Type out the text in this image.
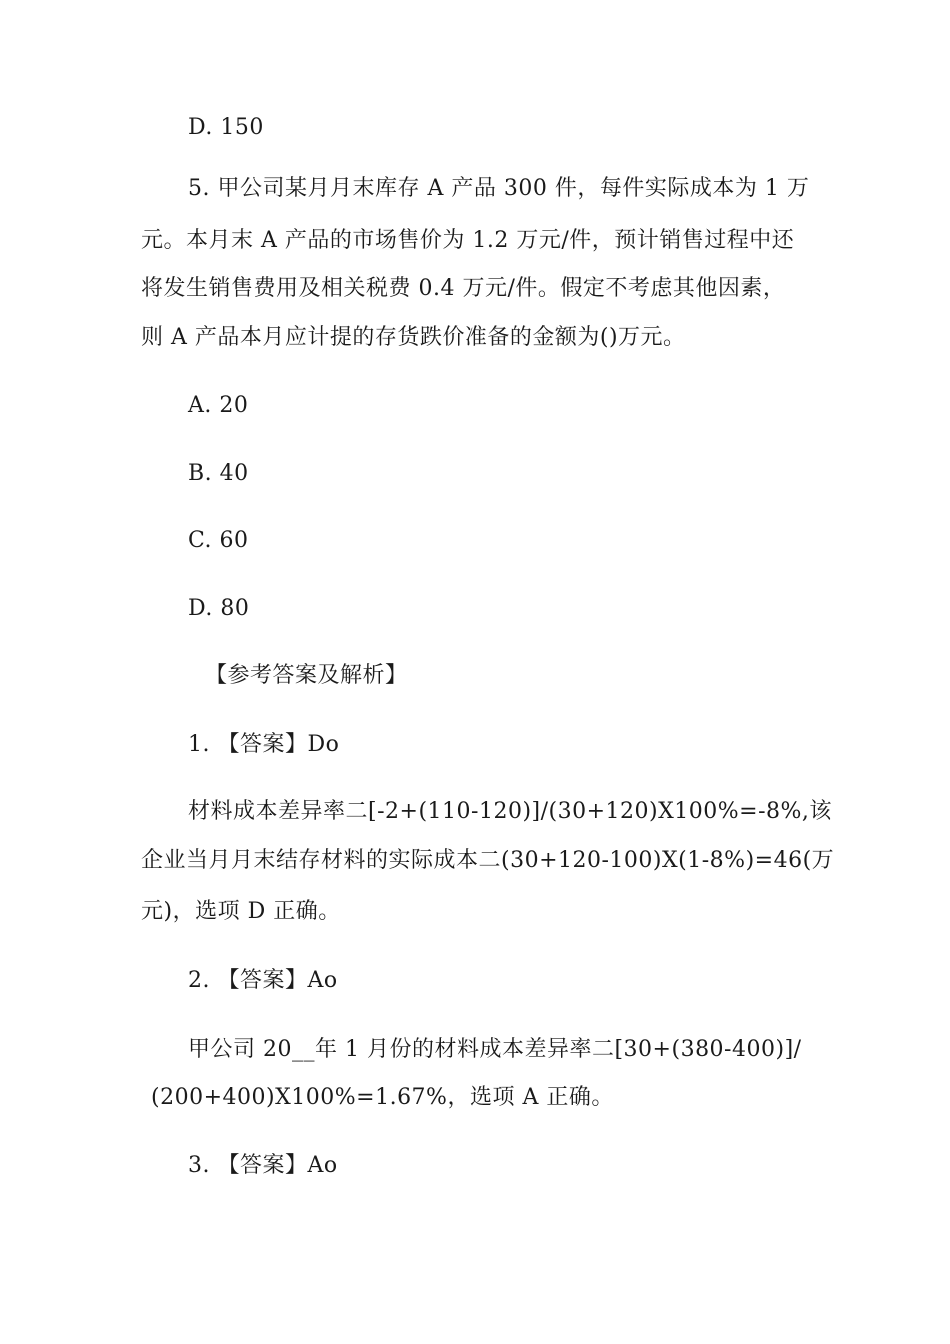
D. 150
5. 甲公司某月月末库存 A 产品 300 件，每件实际成本为 1 万
元。本月末 A 产品的市场售价为 1.2 万元/件，预计销售过程中还
将发生销售费用及相关税费 0.4 万元/件。假定不考虑其他因素，
则 A 产品本月应计提的存货跌价准备的金额为()万元。
A. 20
B. 40
C. 60
D. 80
【参考答案及解析】
1. 【答案】Do
材料成本差异率二[-2+(110-120)]/(30+120)X100%=-8%,该
企业当月月末结存材料的实际成本二(30+120-100)X(1-8%)=46(万
元)，选项 D 正确。
2. 【答案】Ao
甲公司 20__年 1 月份的材料成本差异率二[30+(380-400)]/
(200+400)X100%=1.67%，选项 A 正确。
3. 【答案】Ao
